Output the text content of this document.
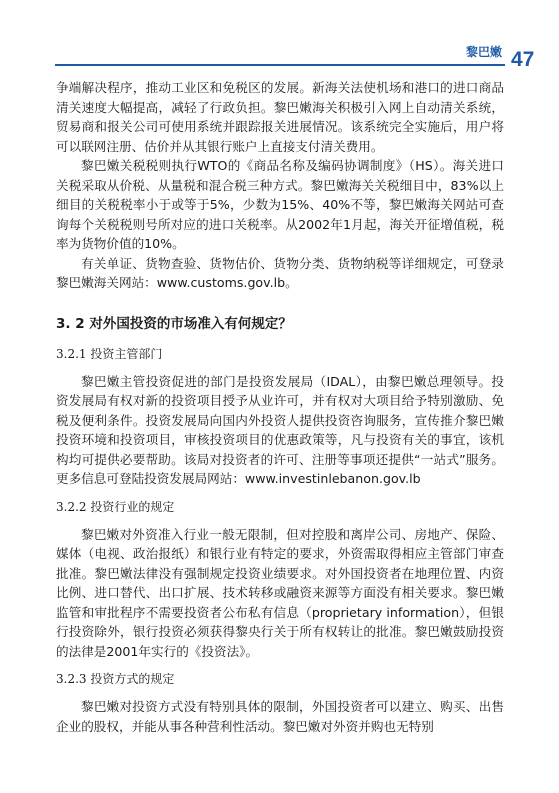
黎巴嫩 47

争端解决程序，推动工业区和免税区的发展。新海关法使机场和港口的进口商品清关速度大幅提高，减轻了行政负担。黎巴嫩海关积极引入网上自动清关系统，贸易商和报关公司可使用系统并跟踪报关进展情况。该系统完全实施后，用户将可以联网注册、估价并从其银行账户上直接支付清关费用。

黎巴嫩关税税则执行WTO的《商品名称及编码协调制度》（HS）。海关进口关税采取从价税、从量税和混合税三种方式。黎巴嫩海关关税细目中，83%以上细目的关税税率小于或等于5%，少数为15%、40%不等，黎巴嫩海关网站可查询每个关税税则号所对应的进口关税率。从2002年1月起，海关开征增值税，税率为货物价值的10%。

有关单证、货物查验、货物估价、货物分类、货物纳税等详细规定，可登录黎巴嫩海关网站：www.customs.gov.lb。

3. 2 对外国投资的市场准入有何规定？
3.2.1 投资主管部门

黎巴嫩主管投资促进的部门是投资发展局（IDAL），由黎巴嫩总理领导。投资发展局有权对新的投资项目授予从业许可，并有权对大项目给予特别激励、免税及便利条件。投资发展局向国内外投资人提供投资咨询服务，宣传推介黎巴嫩投资环境和投资项目，审核投资项目的优惠政策等，凡与投资有关的事宜，该机构均可提供必要帮助。该局对投资者的许可、注册等事项还提供“一站式”服务。更多信息可登陆投资发展局网站：www.investinlebanon.gov.lb

3.2.2 投资行业的规定

黎巴嫩对外资准入行业一般无限制，但对控股和离岸公司、房地产、保险、媒体（电视、政治报纸）和银行业有特定的要求，外资需取得相应主管部门审查批准。黎巴嫩法律没有强制规定投资业绩要求。对外国投资者在地理位置、内资比例、进口替代、出口扩展、技术转移或融资来源等方面没有相关要求。黎巴嫩监管和审批程序不需要投资者公布私有信息（proprietary information），但银行投资除外，银行投资必须获得黎央行关于所有权转让的批准。黎巴嫩鼓励投资的法律是2001年实行的《投资法》。

3.2.3 投资方式的规定

黎巴嫩对投资方式没有特别具体的限制，外国投资者可以建立、购买、出售企业的股权，并能从事各种营利性活动。黎巴嫩对外资并购也无特别
